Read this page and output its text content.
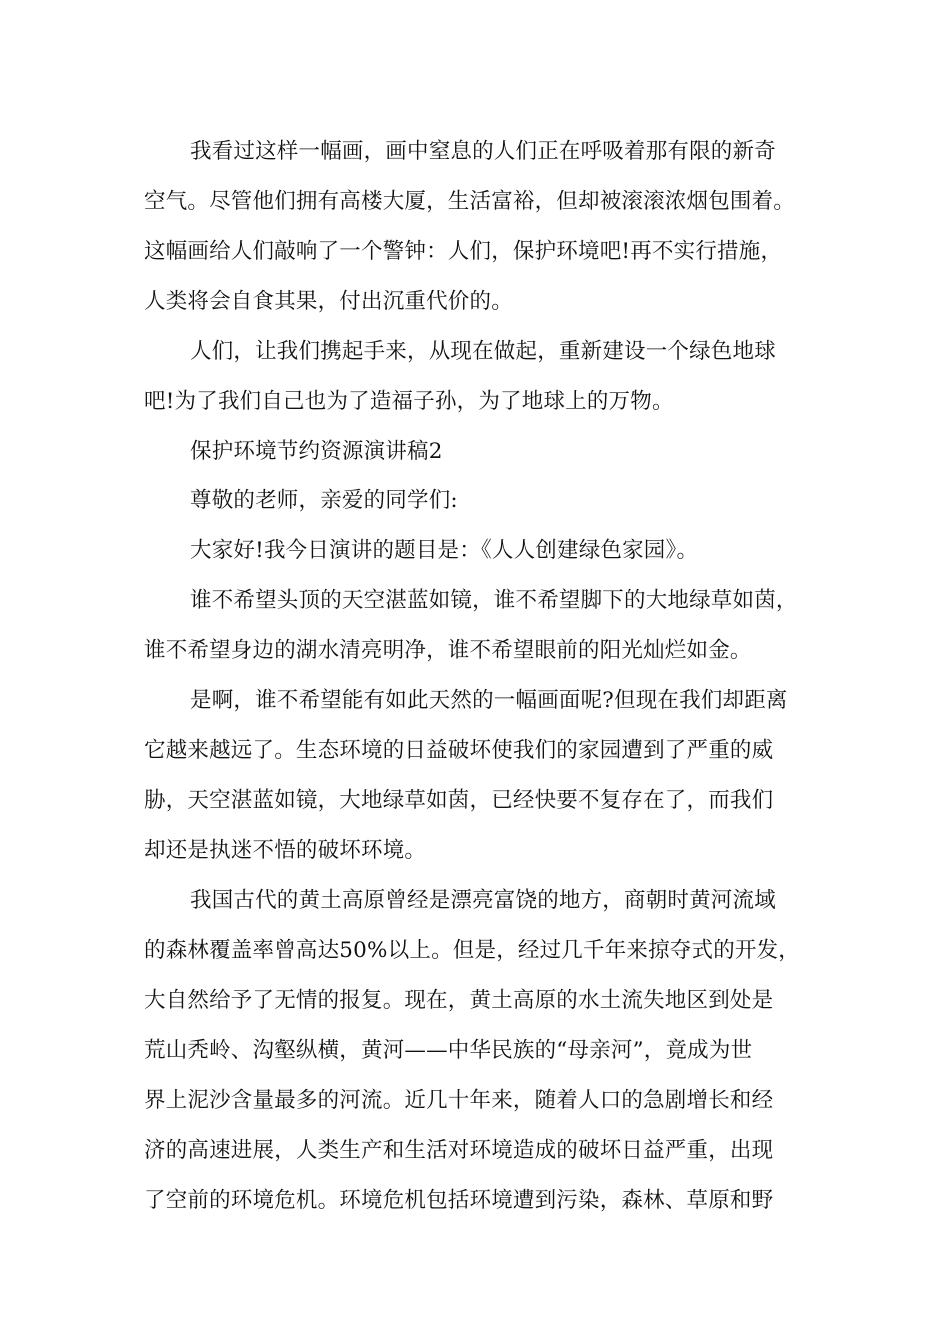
我看过这样一幅画，画中窒息的人们正在呼吸着那有限的新奇
空气。尽管他们拥有高楼大厦，生活富裕，但却被滚滚浓烟包围着。
这幅画给人们敲响了一个警钟：人们，保护环境吧!再不实行措施，
人类将会自食其果，付出沉重代价的。
人们，让我们携起手来，从现在做起，重新建设一个绿色地球
吧!为了我们自己也为了造福子孙，为了地球上的万物。
保护环境节约资源演讲稿2
尊敬的老师，亲爱的同学们:
大家好!我今日演讲的题目是：《人人创建绿色家园》。
谁不希望头顶的天空湛蓝如镜，谁不希望脚下的大地绿草如茵，
谁不希望身边的湖水清亮明净，谁不希望眼前的阳光灿烂如金。
是啊，谁不希望能有如此天然的一幅画面呢?但现在我们却距离
它越来越远了。生态环境的日益破坏使我们的家园遭到了严重的威
胁，天空湛蓝如镜，大地绿草如茵，已经快要不复存在了，而我们
却还是执迷不悟的破坏环境。
我国古代的黄土高原曾经是漂亮富饶的地方，商朝时黄河流域
的森林覆盖率曾高达50%以上。但是，经过几千年来掠夺式的开发，
大自然给予了无情的报复。现在，黄土高原的水土流失地区到处是
荒山秃岭、沟壑纵横，黄河——中华民族的“母亲河”，竟成为世
界上泥沙含量最多的河流。近几十年来，随着人口的急剧增长和经
济的高速进展，人类生产和生活对环境造成的破坏日益严重，出现
了空前的环境危机。环境危机包括环境遭到污染，森林、草原和野
